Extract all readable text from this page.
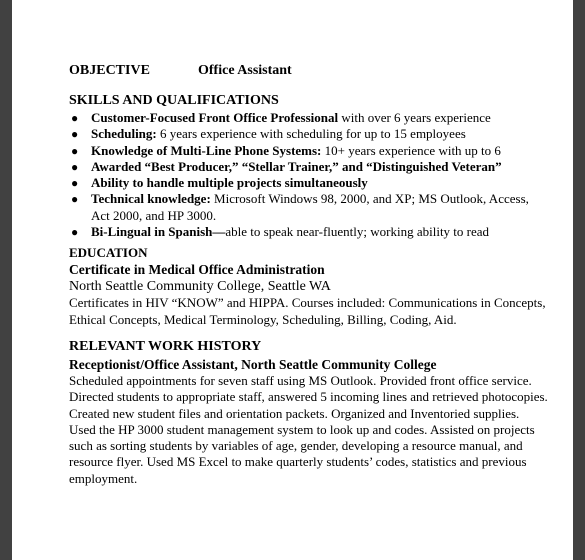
OBJECTIVE	Office Assistant
SKILLS AND QUALIFICATIONS
● Customer-Focused Front Office Professional with over 6 years experience
● Scheduling: 6 years experience with scheduling for up to 15 employees
● Knowledge of Multi-Line Phone Systems: 10+ years experience with up to 6
● Awarded “Best Producer,” “Stellar Trainer,” and “Distinguished Veteran”
● Ability to handle multiple projects simultaneously
● Technical knowledge: Microsoft Windows 98, 2000, and XP; MS Outlook, Access, Act 2000, and HP 3000.
● Bi-Lingual in Spanish—able to speak near-fluently; working ability to read
EDUCATION
Certificate in Medical Office Administration
North Seattle Community College, Seattle WA

Certificates in HIV “KNOW” and HIPPA. Courses included: Communications in Concepts, Ethical Concepts, Medical Terminology, Scheduling, Billing, Coding, Aid.

RELEVANT WORK HISTORY
Receptionist/Office Assistant, North Seattle Community College

Scheduled appointments for seven staff using MS Outlook. Provided front office service. Directed students to appropriate staff, answered 5 incoming lines and retrieved photocopies. Created new student files and orientation packets. Organized and Inventoried supplies. Used the HP 3000 student management system to look up and codes. Assisted on projects such as sorting students by variables of age, gender, developing a resource manual, and resource flyer. Used MS Excel to make quarterly students’ codes, statistics and previous employment.
